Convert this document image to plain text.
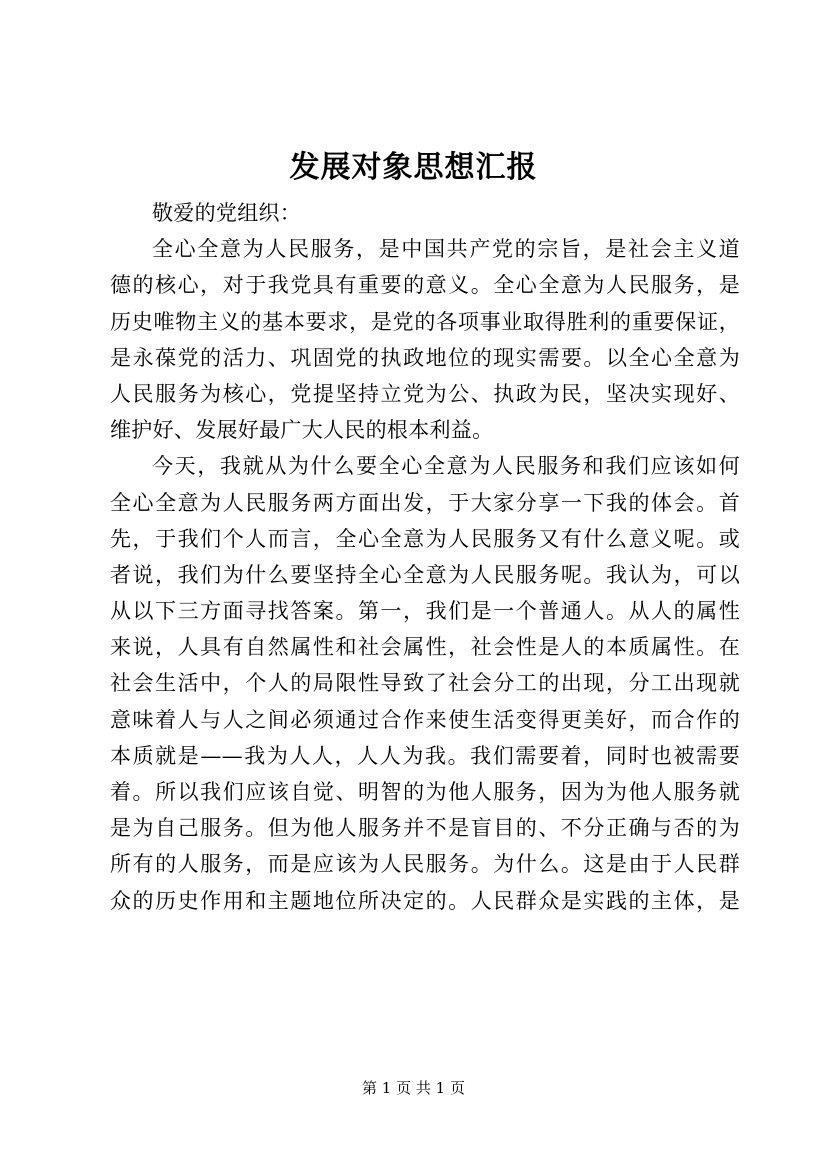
发展对象思想汇报
敬爱的党组织：
全心全意为人民服务，是中国共产党的宗旨，是社会主义道
德的核心，对于我党具有重要的意义。全心全意为人民服务，是
历史唯物主义的基本要求，是党的各项事业取得胜利的重要保证，
是永葆党的活力、巩固党的执政地位的现实需要。以全心全意为
人民服务为核心，党提坚持立党为公、执政为民，坚决实现好、
维护好、发展好最广大人民的根本利益。
今天，我就从为什么要全心全意为人民服务和我们应该如何
全心全意为人民服务两方面出发，于大家分享一下我的体会。首
先，于我们个人而言，全心全意为人民服务又有什么意义呢。或
者说，我们为什么要坚持全心全意为人民服务呢。我认为，可以
从以下三方面寻找答案。第一，我们是一个普通人。从人的属性
来说，人具有自然属性和社会属性，社会性是人的本质属性。在
社会生活中，个人的局限性导致了社会分工的出现，分工出现就
意味着人与人之间必须通过合作来使生活变得更美好，而合作的
本质就是——我为人人，人人为我。我们需要着，同时也被需要
着。所以我们应该自觉、明智的为他人服务，因为为他人服务就
是为自己服务。但为他人服务并不是盲目的、不分正确与否的为
所有的人服务，而是应该为人民服务。为什么。这是由于人民群
众的历史作用和主题地位所决定的。人民群众是实践的主体，是
第 1 页 共 1 页
